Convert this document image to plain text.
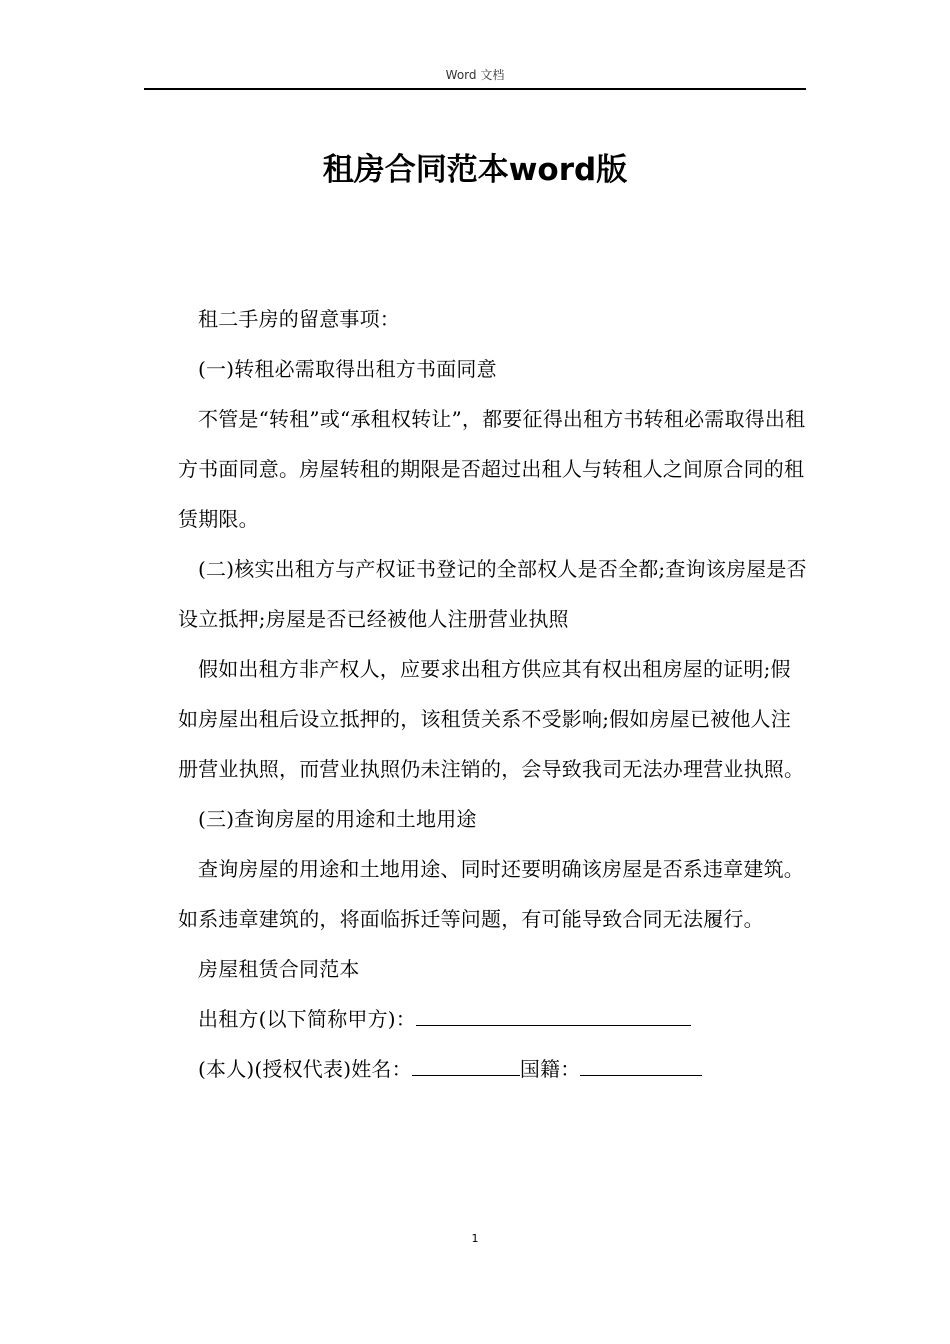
Word 文档
租房合同范本word版

租二手房的留意事项：

(一)转租必需取得出租方书面同意

不管是“转租”或“承租权转让”，都要征得出租方书转租必需取得出租方书面同意。房屋转租的期限是否超过出租人与转租人之间原合同的租赁期限。

(二)核实出租方与产权证书登记的全部权人是否全都;查询该房屋是否设立抵押;房屋是否已经被他人注册营业执照

假如出租方非产权人，应要求出租方供应其有权出租房屋的证明;假如房屋出租后设立抵押的，该租赁关系不受影响;假如房屋已被他人注册营业执照，而营业执照仍未注销的，会导致我司无法办理营业执照。

(三)查询房屋的用途和土地用途

查询房屋的用途和土地用途、同时还要明确该房屋是否系违章建筑。如系违章建筑的，将面临拆迁等问题，有可能导致合同无法履行。

房屋租赁合同范本

出租方(以下简称甲方)：

(本人)(授权代表)姓名：	国籍：

1
